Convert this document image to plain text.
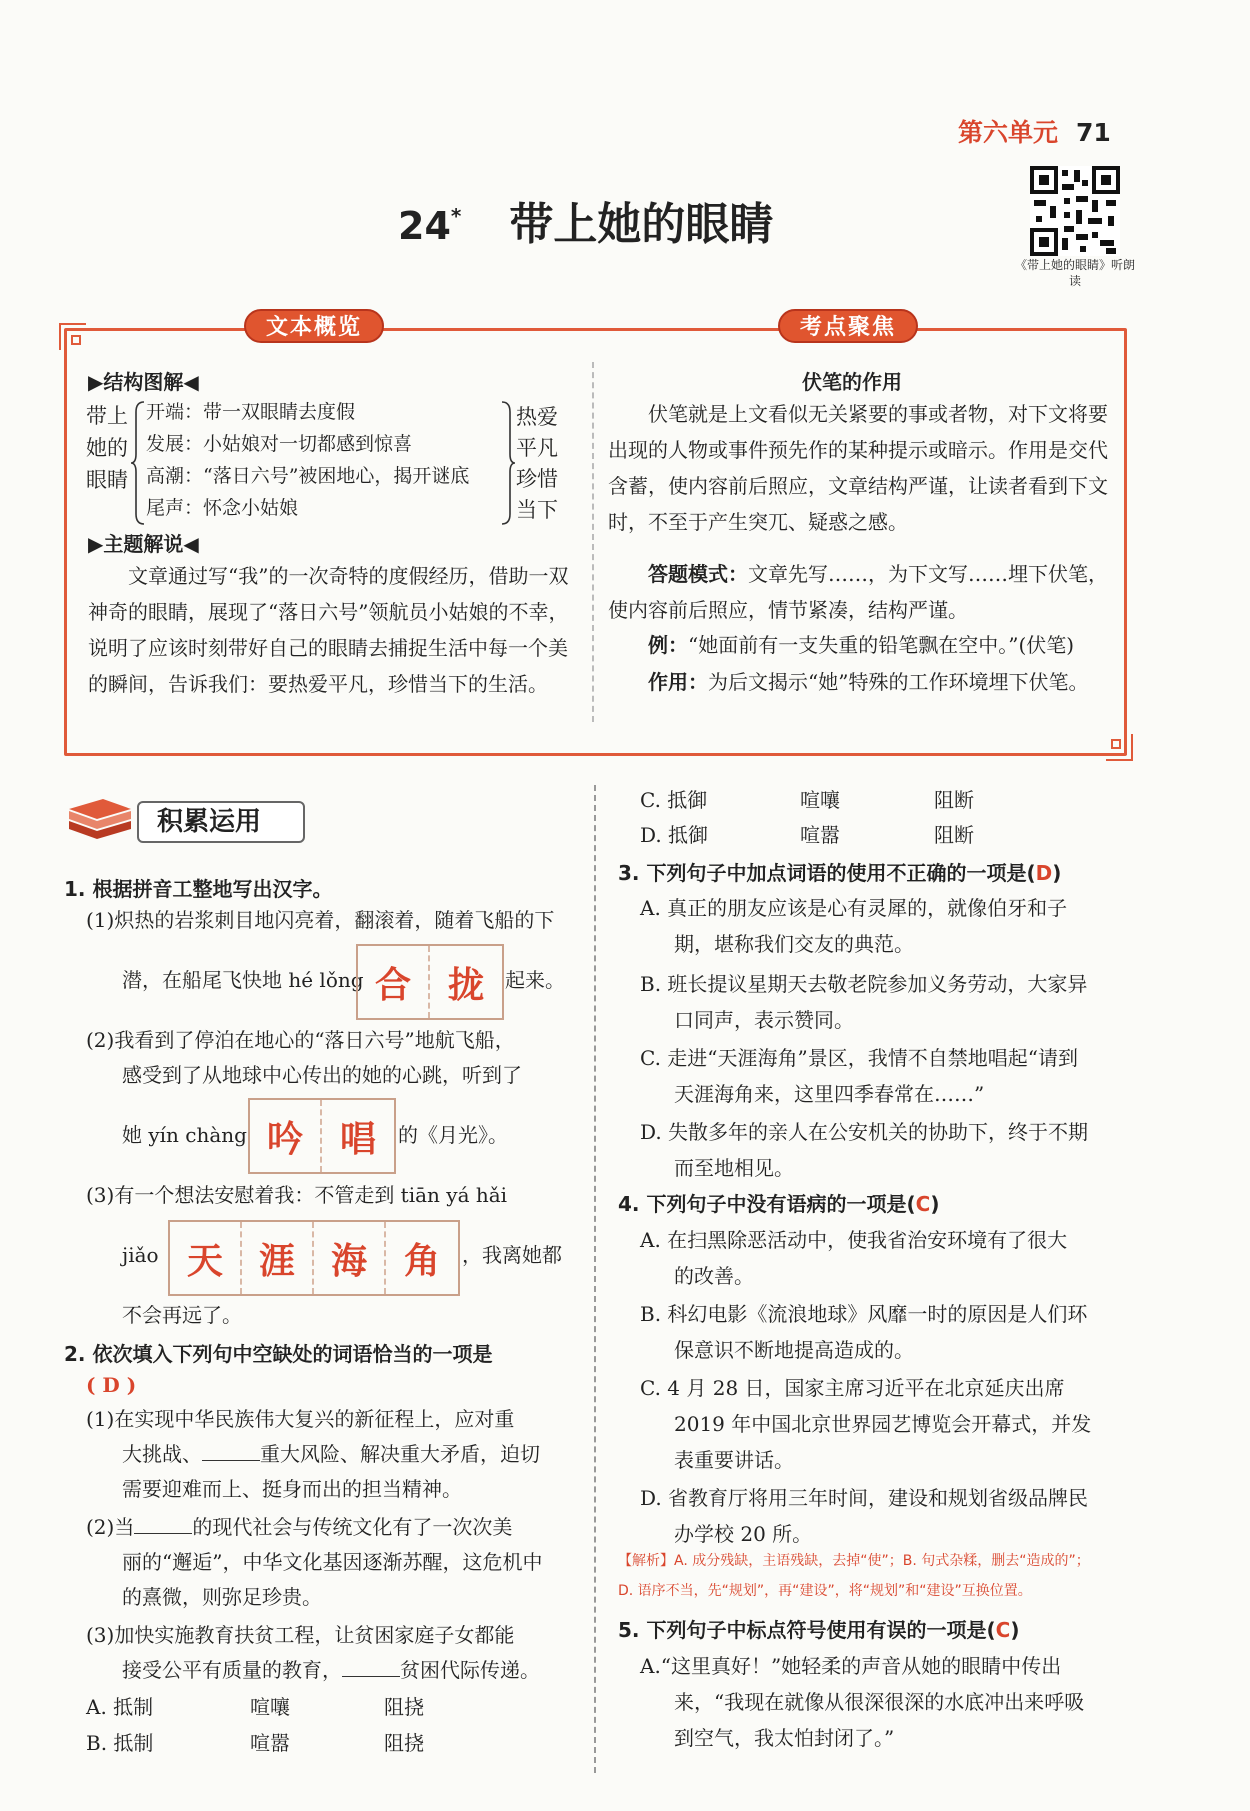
第六单元 71
24* 带上她的眼睛
《带上她的眼睛》听朗读
文本概览	考点聚焦
▶结构图解◀
带上她的眼睛
开端：带一双眼睛去度假
发展：小姑娘对一切都感到惊喜
高潮：“落日六号”被困地心，揭开谜底
尾声：怀念小姑娘
热爱平凡珍惜当下
▶主题解说◀
文章通过写“我”的一次奇特的度假经历，借助一双神奇的眼睛，展现了“落日六号”领航员小姑娘的不幸，说明了应该时刻带好自己的眼睛去捕捉生活中每一个美的瞬间，告诉我们：要热爱平凡，珍惜当下的生活。
伏笔的作用
伏笔就是上文看似无关紧要的事或者物，对下文将要出现的人物或事件预先作的某种提示或暗示。作用是交代含蓄，使内容前后照应，文章结构严谨，让读者看到下文时，不至于产生突兀、疑惑之感。
答题模式：文章先写……，为下文写……埋下伏笔，使内容前后照应，情节紧凑，结构严谨。
例：“她面前有一支失重的铅笔飘在空中。”(伏笔)
作用：为后文揭示“她”特殊的工作环境埋下伏笔。
积累运用
1. 根据拼音工整地写出汉字。
(1)炽热的岩浆刺目地闪亮着，翻滚着，随着飞船的下
潜，在船尾飞快地 hé lǒng 合	拢	起来。
(2)我看到了停泊在地心的“落日六号”地航飞船，
感受到了从地球中心传出的她的心跳，听到了
她 yín chàng 吟	唱	的《月光》。
(3)有一个想法安慰着我：不管走到 tiān yá hǎi
jiǎo 天 涯 海	角	，我离她都
不会再远了。
2. 依次填入下列句中空缺处的词语恰当的一项是
( D )
(1)在实现中华民族伟大复兴的新征程上，应对重
大挑战、	重大风险、解决重大矛盾，迫切
需要迎难而上、挺身而出的担当精神。
(2)当	的现代社会与传统文化有了一次次美
丽的“邂逅”，中华文化基因逐渐苏醒，这危机中
的熹微，则弥足珍贵。
(3)加快实施教育扶贫工程，让贫困家庭子女都能
接受公平有质量的教育，	贫困代际传递。
A. 抵制	喧嚷	阻挠
B. 抵制	喧嚣	阻挠
C. 抵御	喧嚷	阻断
D. 抵御	喧嚣	阻断
3. 下列句子中加点词语的使用不正确的一项是(D)
A. 真正的朋友应该是心有灵犀的，就像伯牙和子
期，堪称我们交友的典范。
B. 班长提议星期天去敬老院参加义务劳动，大家异
口同声，表示赞同。
C. 走进“天涯海角”景区，我情不自禁地唱起“请到
天涯海角来，这里四季春常在……”
D. 失散多年的亲人在公安机关的协助下，终于不期
而至地相见。
4. 下列句子中没有语病的一项是(C)
A. 在扫黑除恶活动中，使我省治安环境有了很大
的改善。
B. 科幻电影《流浪地球》风靡一时的原因是人们环
保意识不断地提高造成的。
C. 4 月 28 日，国家主席习近平在北京延庆出席
2019 年中国北京世界园艺博览会开幕式，并发
表重要讲话。
D. 省教育厅将用三年时间，建设和规划省级品牌民
办学校 20 所。
【解析】A. 成分残缺，主语残缺，去掉“使”；B. 句式杂糅，删去“造成的”；
D. 语序不当，先“规划”，再“建设”，将“规划”和“建设”互换位置。
5. 下列句子中标点符号使用有误的一项是(C)
A.“这里真好！”她轻柔的声音从她的眼睛中传出
来，“我现在就像从很深很深的水底冲出来呼吸
到空气，我太怕封闭了。”
